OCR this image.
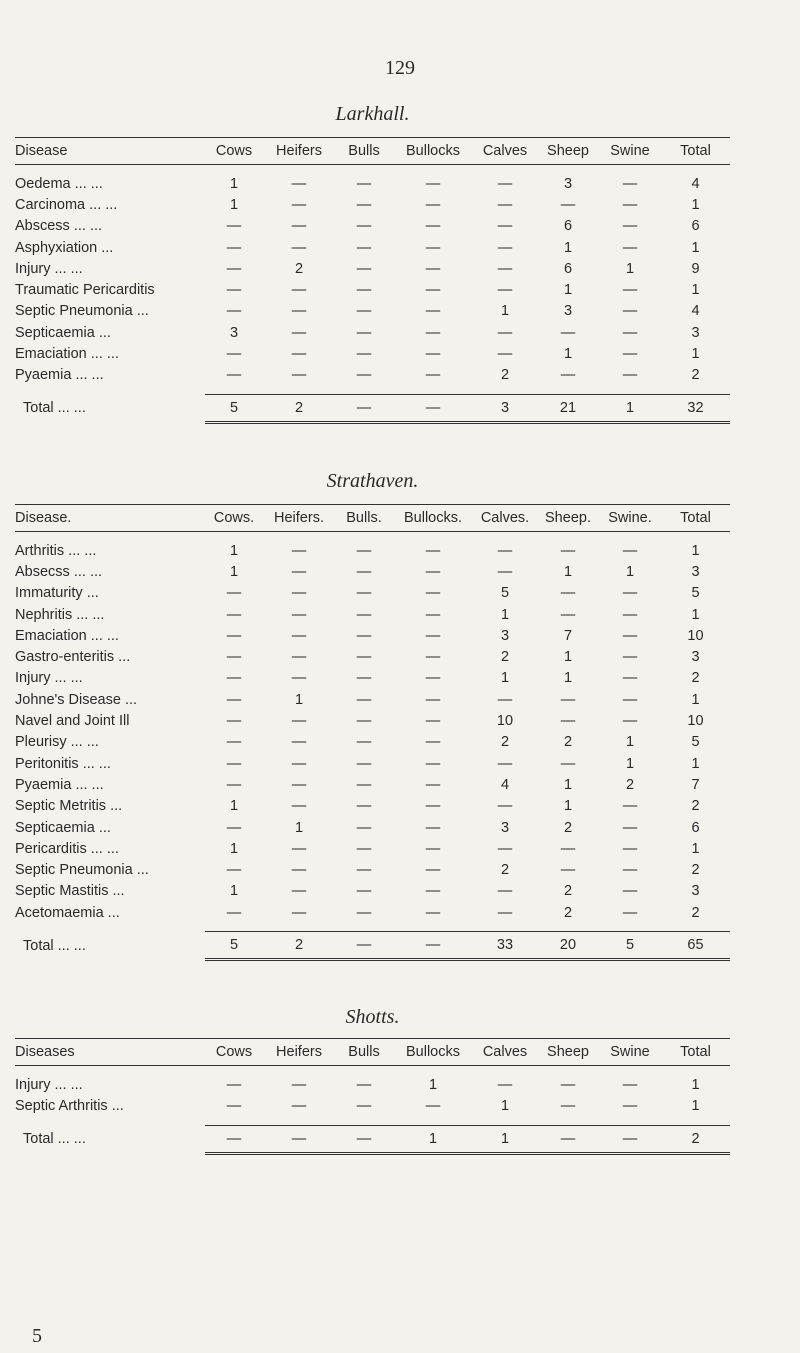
129
Larkhall.
Disease	Cows	Heifers	Bulls	Bullocks	Calves	Sheep	Swine	Total
Oedema ... ...	1	—	—	—	—	3	—	4
Carcinoma ... ...	1	—	—	—	—	—	—	1
Abscess ... ...	—	—	—	—	—	6	—	6
Asphyxiation ...	—	—	—	—	—	1	—	1
Injury ... ...	—	2	—	—	—	6	1	9
Traumatic Pericarditis	—	—	—	—	—	1	—	1
Septic Pneumonia ...	—	—	—	—	1	3	—	4
Septicaemia ...	3	—	—	—	—	—	—	3
Emaciation ... ...	—	—	—	—	—	1	—	1
Pyaemia ... ...	—	—	—	—	2	—	—	2

Total ... ...	5	2	—	—	3	21	1	32
Strathaven.
Disease.	Cows.	Heifers.	Bulls.	Bullocks.	Calves.	Sheep.	Swine.	Total
Arthritis ... ...	1	—	—	—	—	—	—	1
Absecss ... ...	1	—	—	—	—	1	1	3
Immaturity ...	—	—	—	—	5	—	—	5
Nephritis ... ...	—	—	—	—	1	—	—	1
Emaciation ... ...	—	—	—	—	3	7	—	10
Gastro-enteritis ...	—	—	—	—	2	1	—	3
Injury ... ...	—	—	—	—	1	1	—	2
Johne's Disease ...	—	1	—	—	—	—	—	1
Navel and Joint Ill	—	—	—	—	10	—	—	10
Pleurisy ... ...	—	—	—	—	2	2	1	5
Peritonitis ... ...	—	—	—	—	—	—	1	1
Pyaemia ... ...	—	—	—	—	4	1	2	7
Septic Metritis ...	1	—	—	—	—	1	—	2
Septicaemia ...	—	1	—	—	3	2	—	6
Pericarditis ... ...	1	—	—	—	—	—	—	1
Septic Pneumonia ...	—	—	—	—	2	—	—	2
Septic Mastitis ...	1	—	—	—	—	2	—	3
Acetomaemia ...	—	—	—	—	—	2	—	2

Total ... ...	5	2	—	—	33	20	5	65
Shotts.
Diseases	Cows	Heifers	Bulls	Bullocks	Calves	Sheep	Swine	Total
Injury ... ...	—	—	—	1	—	—	—	1
Septic Arthritis ...	—	—	—	—	1	—	—	1

Total ... ...	—	—	—	1	1	—	—	2
5
